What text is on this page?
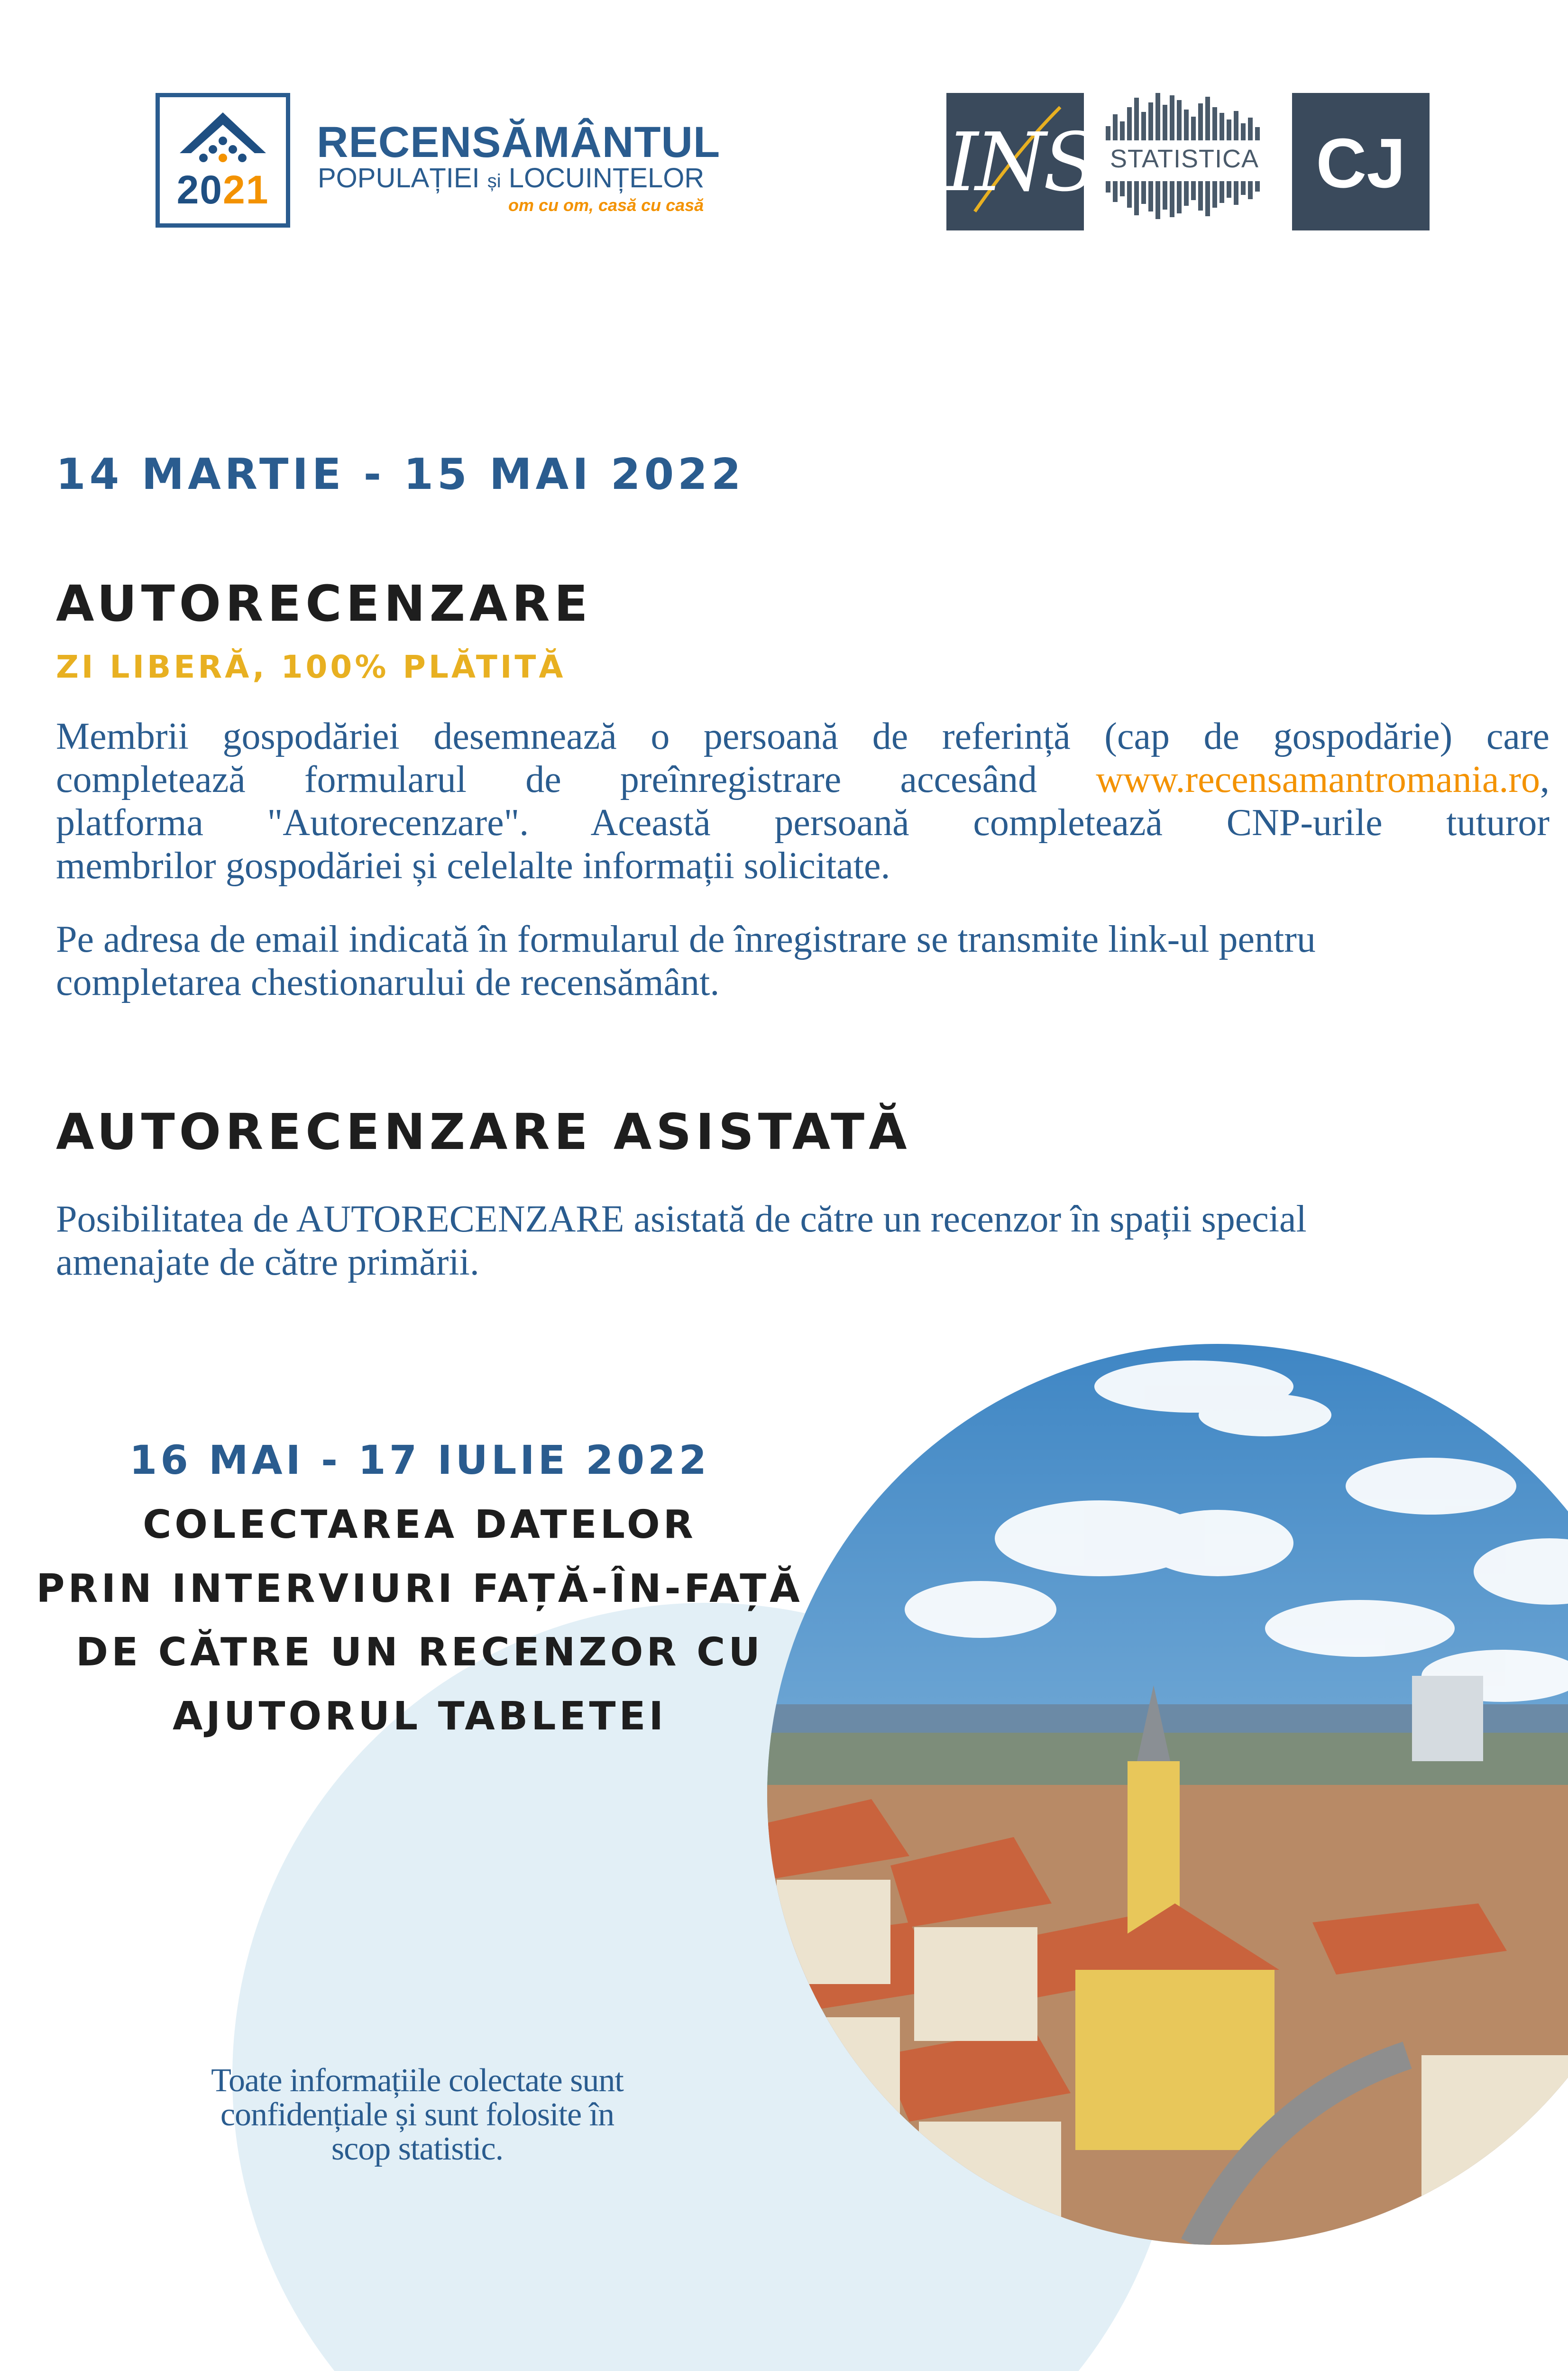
2021
RECENSĂMÂNTUL
POPULAȚIEI și LOCUINȚELOR
om cu om, casă cu casă	INS STATISTICA CJ
14 MARTIE - 15 MAI 2022
AUTORECENZARE
ZI LIBERĂ, 100% PLĂTITĂ
Membrii gospodăriei desemnează o persoană de referință (cap de gospodărie) care
completează formularul de preînregistrare accesând www.recensamantromania.ro,
platforma "Autorecenzare". Această persoană completează CNP-urile tuturor
membrilor gospodăriei și celelalte informații solicitate.
Pe adresa de email indicată în formularul de înregistrare se transmite link-ul pentru
completarea chestionarului de recensământ.
AUTORECENZARE ASISTATĂ
Posibilitatea de AUTORECENZARE asistată de către un recenzor în spații special
amenajate de către primării.
16 MAI - 17 IULIE 2022
COLECTAREA DATELOR
PRIN INTERVIURI FAȚĂ-ÎN-FAȚĂ
DE CĂTRE UN RECENZOR CU
AJUTORUL TABLETEI
Toate informațiile colectate sunt
confidențiale și sunt folosite în
scop statistic.
